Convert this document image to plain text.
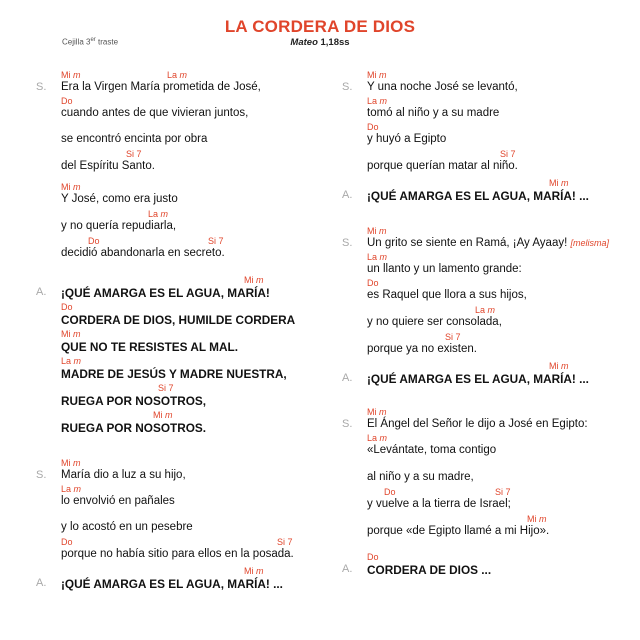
LA CORDERA DE DIOS
Cejilla 3er traste	Mateo 1,18ss
Mi m	La m
S. Era la Virgen María prometida de José,
Do
cuando antes de que vivieran juntos,
se encontró encintа por obra
Si 7
del Espíritu Santo.
Mi m
Y José, como era justo
La m
y no quería repudiarla,
Do	Si 7
decidió abandonarla en secreto.
Mi m
A. ¡QUÉ AMARGA ES EL AGUA, MARÍA!
Do
CORDERA DE DIOS, HUMILDE CORDERA
Mi m
QUE NO TE RESISTES AL MAL.
La m
MADRE DE JESÚS Y MADRE NUESTRA,
Si 7
RUEGA POR NOSOTROS,
Mi m
RUEGA POR NOSOTROS.
Mi m
S. María dio a luz a su hijo,
La m
lo envolvió en pañales
y lo acostó en un pesebre
Do	Si 7
porque no había sitio para ellos en la posada.
Mi m
A. ¡QUÉ AMARGA ES EL AGUA, MARÍA! ...
Mi m
S. Y una noche José se levantó,
La m
tomó al niño y a su madre
Do
y huyó a Egipto
Si 7
porque querían matar al niño.
Mi m
A. ¡QUÉ AMARGA ES EL AGUA, MARÍA! ...
Mi m
S. Un grito se siente en Ramá, ¡Ay Ayaay! [melisma]
La m
un llanto y un lamento grande:
Do
es Raquel que llora a sus hijos,
La m
y no quiere ser consolada,
Si 7
porque ya no existen.
Mi m
A. ¡QUÉ AMARGA ES EL AGUA, MARÍA! ...
Mi m
S. El Ángel del Señor le dijo a José en Egipto:
La m
«Levántate, toma contigo
al niño y a su madre,
Do	Si 7
y vuelve a la tierra de Israel;
Mi m
porque «de Egipto llamé a mi Hijo».
Do
A. CORDERA DE DIOS ...
